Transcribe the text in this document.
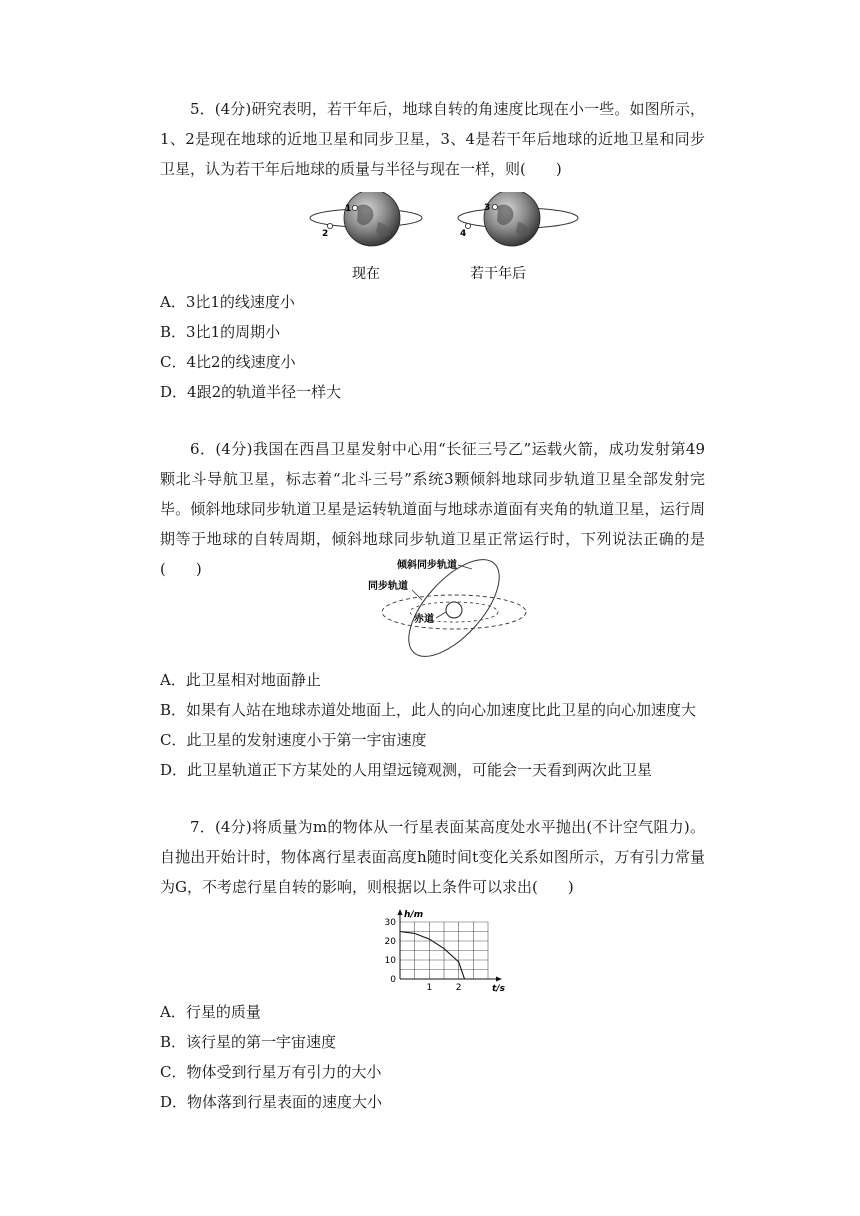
5．(4分)研究表明，若干年后，地球自转的角速度比现在小一些。如图所示，1、2是现在地球的近地卫星和同步卫星，3、4是若干年后地球的近地卫星和同步卫星，认为若干年后地球的质量与半径与现在一样，则(　　)

1
2
现在
3
4
若干年后

A．3比1的线速度小

B．3比1的周期小

C．4比2的线速度小

D．4跟2的轨道半径一样大

6．(4分)我国在西昌卫星发射中心用“长征三号乙”运载火箭，成功发射第49颗北斗导航卫星，标志着“北斗三号”系统3颗倾斜地球同步轨道卫星全部发射完毕。倾斜地球同步轨道卫星是运转轨道面与地球赤道面有夹角的轨道卫星，运行周期等于地球的自转周期，倾斜地球同步轨道卫星正常运行时，下列说法正确的是(　　)	倾斜同步轨道
同步轨道
赤道

A．此卫星相对地面静止

B．如果有人站在地球赤道处地面上，此人的向心加速度比此卫星的向心加速度大

C．此卫星的发射速度小于第一宇宙速度

D．此卫星轨道正下方某处的人用望远镜观测，可能会一天看到两次此卫星

7．(4分)将质量为m的物体从一行星表面某高度处水平抛出(不计空气阻力)。自抛出开始计时，物体离行星表面高度h随时间t变化关系如图所示，万有引力常量为G，不考虑行星自转的影响，则根据以上条件可以求出(　　)

0
10
20
30
1	2
h/m
t/s

A．行星的质量

B．该行星的第一宇宙速度

C．物体受到行星万有引力的大小

D．物体落到行星表面的速度大小
